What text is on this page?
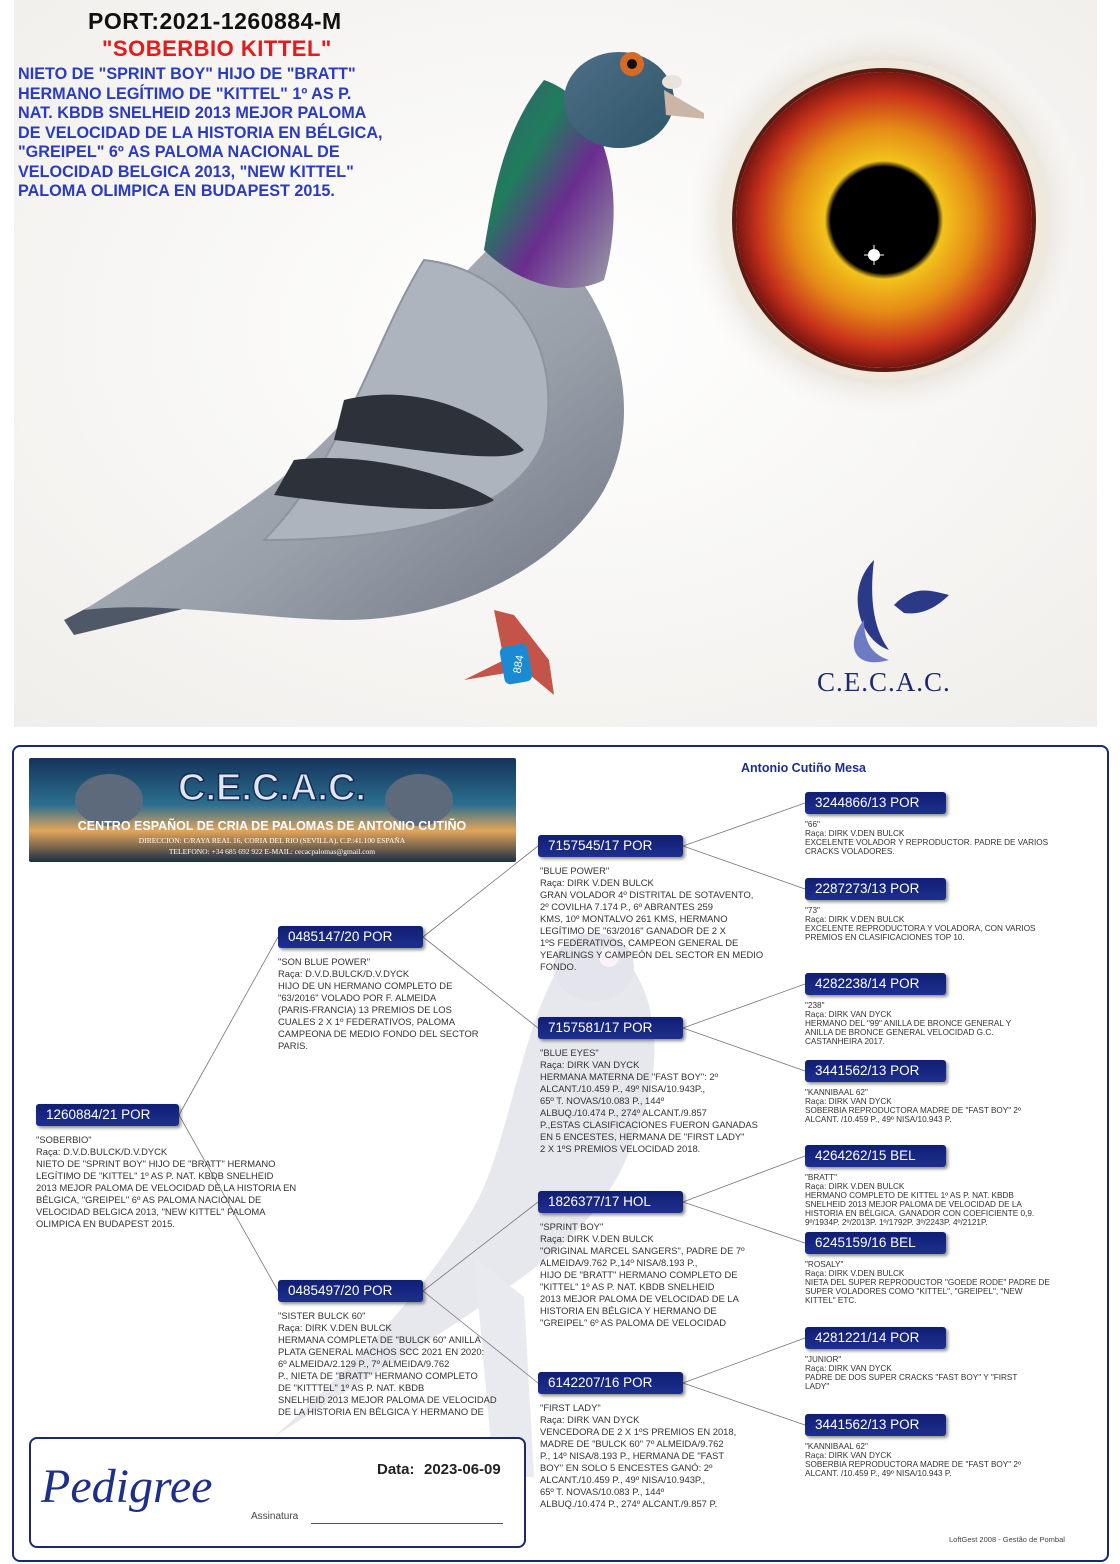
884
C.E.C.A.C.
PORT:2021-1260884-M
"SOBERBIO KITTEL"
NIETO DE "SPRINT BOY" HIJO DE "BRATT"
HERMANO LEGÍTIMO DE "KITTEL" 1º AS P.
NAT. KBDB SNELHEID 2013 MEJOR PALOMA
DE VELOCIDAD DE LA HISTORIA EN BÉLGICA,
"GREIPEL" 6º AS PALOMA NACIONAL DE
VELOCIDAD BELGICA 2013, "NEW KITTEL"
PALOMA OLIMPICA EN BUDAPEST 2015.
C.E.C.A.C.
CENTRO ESPAÑOL DE CRIA DE PALOMAS DE ANTONIO CUTIÑO
DIRECCION: C/RAYA REAL 16, CORIA DEL RIO (SEVILLA), C.P.:41.100 ESPAÑA
TELEFONO: +34 685 692 922 E-MAIL: cecacpalomas@gmail.com
Antonio Cutiño Mesa
1260884/21 POR
"SOBERBIO"
Raça: D.V.D.BULCK/D.V.DYCK
NIETO DE "SPRINT BOY" HIJO DE "BRATT" HERMANO
LEGÍTIMO DE "KITTEL" 1º AS P. NAT. KBDB SNELHEID
2013 MEJOR PALOMA DE VELOCIDAD DE LA HISTORIA EN
BÉLGICA, "GREIPEL" 6º AS PALOMA NACIONAL DE
VELOCIDAD BELGICA 2013, "NEW KITTEL" PALOMA
OLIMPICA EN BUDAPEST 2015.
0485147/20 POR
"SON BLUE POWER"
Raça: D.V.D.BULCK/D.V.DYCK
HIJO DE UN HERMANO COMPLETO DE
"63/2016" VOLADO POR F. ALMEIDA
(PARIS-FRANCIA) 13 PREMIOS DE LOS
CUALES 2 X 1º FEDERATIVOS, PALOMA
CAMPEONA DE MEDIO FONDO DEL SECTOR
PARIS.
0485497/20 POR
"SISTER BULCK 60"
Raça: DIRK V.DEN BULCK
HERMANA COMPLETA DE "BULCK 60" ANILLA
PLATA GENERAL MACHOS SCC 2021 EN 2020:
6º ALMEIDA/2.129 P., 7º ALMEIDA/9.762
P., NIETA DE "BRATT" HERMANO COMPLETO
DE "KITTTEL" 1º AS P. NAT. KBDB
SNELHEID 2013 MEJOR PALOMA DE VELOCIDAD
DE LA HISTORIA EN BÉLGICA Y HERMANO DE
7157545/17 POR
"BLUE POWER"
Raça: DIRK V.DEN BULCK
GRAN VOLADOR 4º DISTRITAL DE SOTAVENTO,
2º COVILHA 7.174 P., 6º ABRANTES 259
KMS, 10º MONTALVO 261 KMS, HERMANO
LEGÍTIMO DE "63/2016" GANADOR DE 2 X
1ºS FEDERATIVOS, CAMPEON GENERAL DE
YEARLINGS Y CAMPEÓN DEL SECTOR EN MEDIO
FONDO.
7157581/17 POR
"BLUE EYES"
Raça: DIRK VAN DYCK
HERMANA MATERNA DE "FAST BOY": 2º
ALCANT./10.459 P., 49º NISA/10.943P.,
65º T. NOVAS/10.083 P., 144º
ALBUQ./10.474 P., 274º ALCANT./9.857
P.,ESTAS CLASIFICACIONES FUERON GANADAS
EN 5 ENCESTES, HERMANA DE "FIRST LADY"
2 X 1ºS PREMIOS VELOCIDAD 2018.
1826377/17 HOL
"SPRINT BOY"
Raça: DIRK V.DEN BULCK
"ORIGINAL MARCEL SANGERS", PADRE DE 7º
ALMEIDA/9.762 P.,14º NISA/8.193 P.,
HIJO DE "BRATT" HERMANO COMPLETO DE
"KITTEL" 1º AS P. NAT. KBDB SNELHEID
2013 MEJOR PALOMA DE VELOCIDAD DE LA
HISTORIA EN BÉLGICA Y HERMANO DE
"GREIPEL" 6º AS PALOMA DE VELOCIDAD
6142207/16 POR
"FIRST LADY"
Raça: DIRK VAN DYCK
VENCEDORA DE 2 X 1ºS PREMIOS EN 2018,
MADRE DE "BULCK 60" 7º ALMEIDA/9.762
P., 14º NISA/8.193 P., HERMANA DE "FAST
BOY" EN SOLO 5 ENCESTES GANÓ: 2º
ALCANT./10.459 P., 49º NISA/10.943P.,
65º T. NOVAS/10.083 P., 144º
ALBUQ./10.474 P., 274º ALCANT./9.857 P.
3244866/13 POR
"66"
Raça: DIRK V.DEN BULCK
EXCELENTE VOLADOR Y REPRODUCTOR. PADRE DE VARIOS
CRACKS VOLADORES.
2287273/13 POR
"73"
Raça: DIRK V.DEN BULCK
EXCELENTE REPRODUCTORA Y VOLADORA, CON VARIOS
PREMIOS EN CLASIFICACIONES TOP 10.
4282238/14 POR
"238"
Raça: DIRK VAN DYCK
HERMANO DEL "99" ANILLA DE BRONCE GENERAL Y
ANILLA DE BRONCE GENERAL VELOCIDAD G.C.
CASTANHEIRA 2017.
3441562/13 POR
"KANNIBAAL 62"
Raça: DIRK VAN DYCK
SOBERBIA REPRODUCTORA MADRE DE "FAST BOY" 2º
ALCANT. /10.459 P., 49º NISA/10.943 P.
4264262/15 BEL
"BRATT"
Raça: DIRK V.DEN BULCK
HERMANO COMPLETO DE KITTEL 1º AS P. NAT. KBDB
SNELHEID 2013 MEJOR PALOMA DE VELOCIDAD DE LA
HISTORIA EN BÉLGICA. GANADOR CON COEFICIENTE 0,9.
9º/1934P. 2º/2013P. 1º/1792P. 3º/2243P. 4º/2121P.
6245159/16 BEL
"ROSALY"
Raça: DIRK V.DEN BULCK
NIETA DEL SUPER REPRODUCTOR "GOEDE RODE" PADRE DE
SUPER VOLADORES COMO "KITTEL", "GREIPEL", "NEW
KITTEL" ETC.
4281221/14 POR
"JUNIOR"
Raça: DIRK VAN DYCK
PADRE DE DOS SUPER CRACKS "FAST BOY" Y "FIRST
LADY"
3441562/13 POR
"KANNIBAAL 62"
Raça: DIRK VAN DYCK
SOBERBIA REPRODUCTORA MADRE DE "FAST BOY" 2º
ALCANT. /10.459 P., 49º NISA/10.943 P.
Pedigree	Data: 2023-06-09
Assinatura
LoftGest 2008 - Gestão de Pombal
